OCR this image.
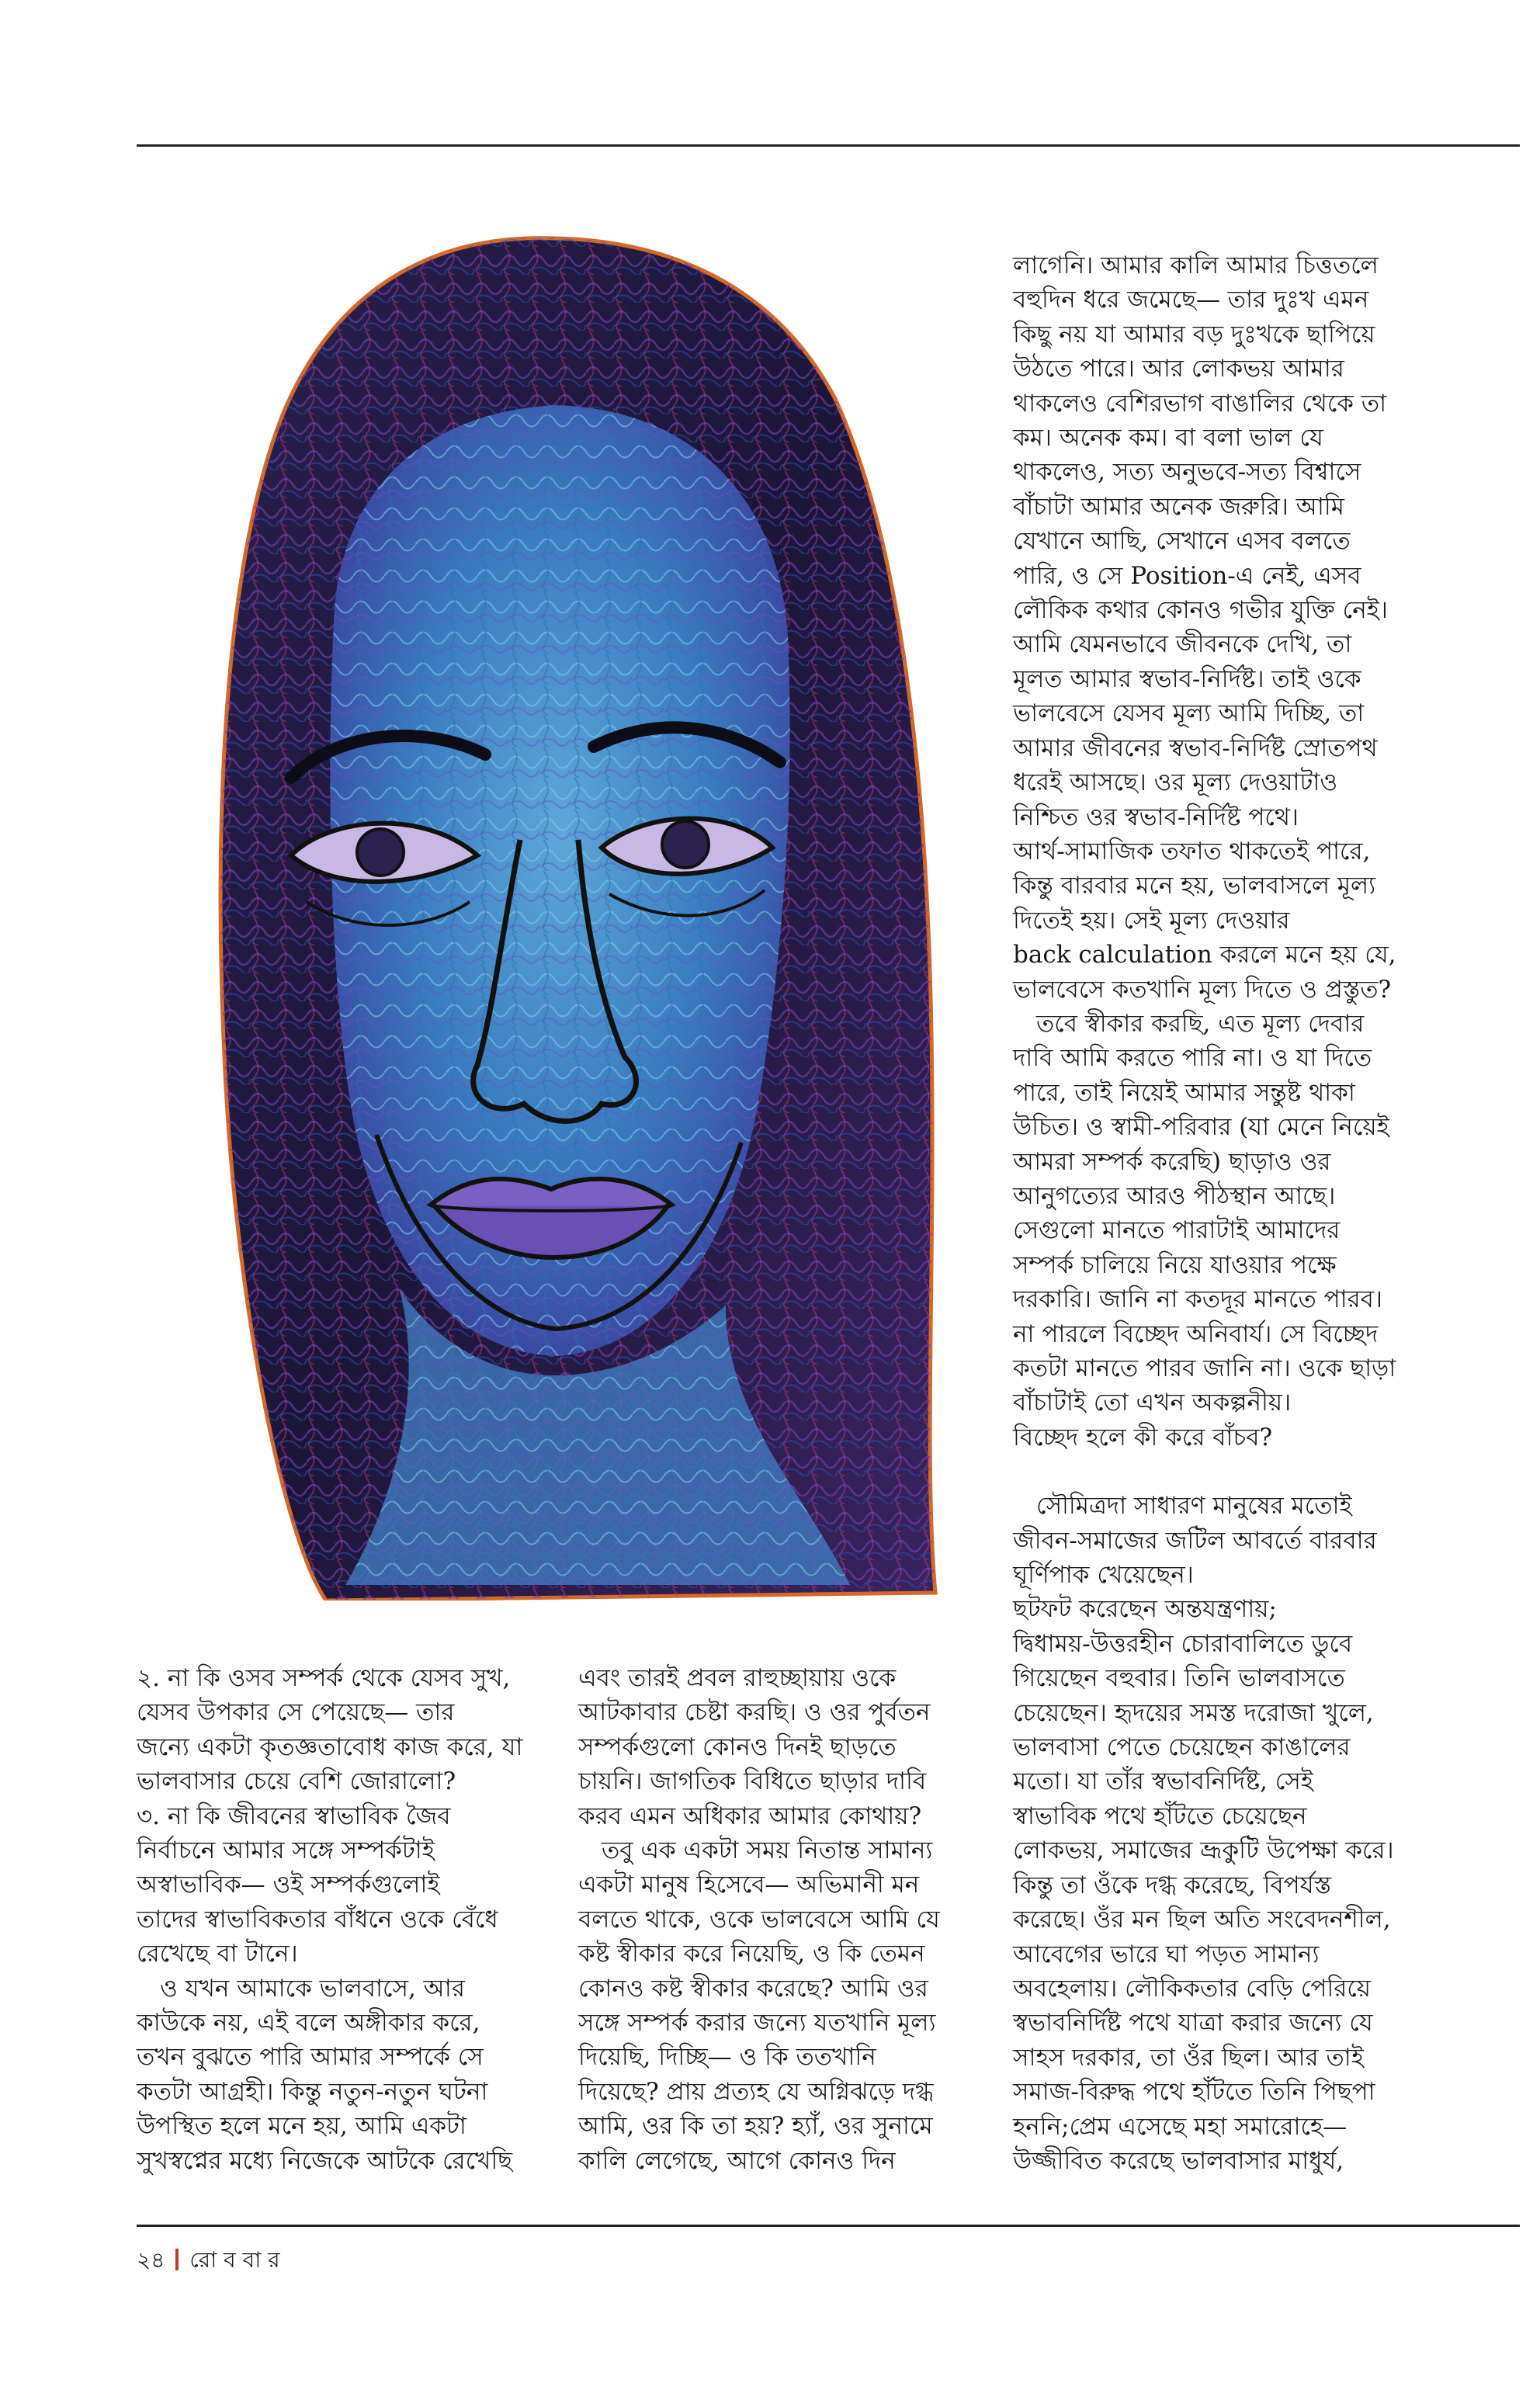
লাগেনি। আমার কালি আমার চিত্ততলে

বহুদিন ধরে জমেছে— তার দুঃখ এমন

কিছু নয় যা আমার বড় দুঃখকে ছাপিয়ে

উঠতে পারে। আর লোকভয় আমার

থাকলেও বেশিরভাগ বাঙালির থেকে তা

কম। অনেক কম। বা বলা ভাল যে

থাকলেও, সত্য অনুভবে-সত্য বিশ্বাসে

বাঁচাটা আমার অনেক জরুরি। আমি

যেখানে আছি, সেখানে এসব বলতে

পারি, ও সে Position-এ নেই, এসব

লৌকিক কথার কোনও গভীর যুক্তি নেই।

আমি যেমনভাবে জীবনকে দেখি, তা

মূলত আমার স্বভাব-নির্দিষ্ট। তাই ওকে

ভালবেসে যেসব মূল্য আমি দিচ্ছি, তা

আমার জীবনের স্বভাব-নির্দিষ্ট স্রোতপথ

ধরেই আসছে। ওর মূল্য দেওয়াটাও

নিশ্চিত ওর স্বভাব-নির্দিষ্ট পথে।

আর্থ-সামাজিক তফাত থাকতেই পারে,

কিন্তু বারবার মনে হয়, ভালবাসলে মূল্য

দিতেই হয়। সেই মূল্য দেওয়ার

back calculation করলে মনে হয় যে,

ভালবেসে কতখানি মূল্য দিতে ও প্রস্তুত?

তবে স্বীকার করছি, এত মূল্য দেবার

দাবি আমি করতে পারি না। ও যা দিতে

পারে, তাই নিয়েই আমার সন্তুষ্ট থাকা

উচিত। ও স্বামী-পরিবার (যা মেনে নিয়েই

আমরা সম্পর্ক করেছি) ছাড়াও ওর

আনুগত্যের আরও পীঠস্থান আছে।

সেগুলো মানতে পারাটাই আমাদের

সম্পর্ক চালিয়ে নিয়ে যাওয়ার পক্ষে

দরকারি। জানি না কতদূর মানতে পারব।

না পারলে বিচ্ছেদ অনিবার্য। সে বিচ্ছেদ

কতটা মানতে পারব জানি না। ওকে ছাড়া

বাঁচাটাই তো এখন অকল্পনীয়।

বিচ্ছেদ হলে কী করে বাঁচব?

সৌমিত্রদা সাধারণ মানুষের মতোই

জীবন-সমাজের জটিল আবর্তে বারবার

ঘূর্ণিপাক খেয়েছেন।

ছটফট করেছেন অন্তযন্ত্রণায়;

দ্বিধাময়-উত্তরহীন চোরাবালিতে ডুবে

গিয়েছেন বহুবার। তিনি ভালবাসতে

চেয়েছেন। হৃদয়ের সমস্ত দরোজা খুলে,

ভালবাসা পেতে চেয়েছেন কাঙালের

মতো। যা তাঁর স্বভাবনির্দিষ্ট, সেই

স্বাভাবিক পথে হাঁটতে চেয়েছেন

লোকভয়, সমাজের ভ্রূকুটি উপেক্ষা করে।

কিন্তু তা ওঁকে দগ্ধ করেছে, বিপর্যস্ত

করেছে। ওঁর মন ছিল অতি সংবেদনশীল,

আবেগের ভারে ঘা পড়ত সামান্য

অবহেলায়। লৌকিকতার বেড়ি পেরিয়ে

স্বভাবনির্দিষ্ট পথে যাত্রা করার জন্যে যে

সাহস দরকার, তা ওঁর ছিল। আর তাই

সমাজ-বিরুদ্ধ পথে হাঁটতে তিনি পিছপা

হননি;প্রেম এসেছে মহা সমারোহে—

উজ্জীবিত করেছে ভালবাসার মাধুর্য,

২. না কি ওসব সম্পর্ক থেকে যেসব সুখ,

যেসব উপকার সে পেয়েছে— তার

জন্যে একটা কৃতজ্ঞতাবোধ কাজ করে, যা

ভালবাসার চেয়ে বেশি জোরালো?

৩. না কি জীবনের স্বাভাবিক জৈব

নির্বাচনে আমার সঙ্গে সম্পর্কটাই

অস্বাভাবিক— ওই সম্পর্কগুলোই

তাদের স্বাভাবিকতার বাঁধনে ওকে বেঁধে

রেখেছে বা টানে।

ও যখন আমাকে ভালবাসে, আর

কাউকে নয়, এই বলে অঙ্গীকার করে,

তখন বুঝতে পারি আমার সম্পর্কে সে

কতটা আগ্রহী। কিন্তু নতুন-নতুন ঘটনা

উপস্থিত হলে মনে হয়, আমি একটা

সুখস্বপ্নের মধ্যে নিজেকে আটকে রেখেছি

এবং তারই প্রবল রাহুচ্ছায়ায় ওকে

আটকাবার চেষ্টা করছি। ও ওর পুর্বতন

সম্পর্কগুলো কোনও দিনই ছাড়তে

চায়নি। জাগতিক বিধিতে ছাড়ার দাবি

করব এমন অধিকার আমার কোথায়?

তবু এক একটা সময় নিতান্ত সামান্য

একটা মানুষ হিসেবে— অভিমানী মন

বলতে থাকে, ওকে ভালবেসে আমি যে

কষ্ট স্বীকার করে নিয়েছি, ও কি তেমন

কোনও কষ্ট স্বীকার করেছে? আমি ওর

সঙ্গে সম্পর্ক করার জন্যে যতখানি মূল্য

দিয়েছি, দিচ্ছি— ও কি ততখানি

দিয়েছে? প্রায় প্রত্যহ যে অগ্নিঝড়ে দগ্ধ

আমি, ওর কি তা হয়? হ্যাঁ, ওর সুনামে

কালি লেগেছে, আগে কোনও দিন

২৪ রো ব বা র
